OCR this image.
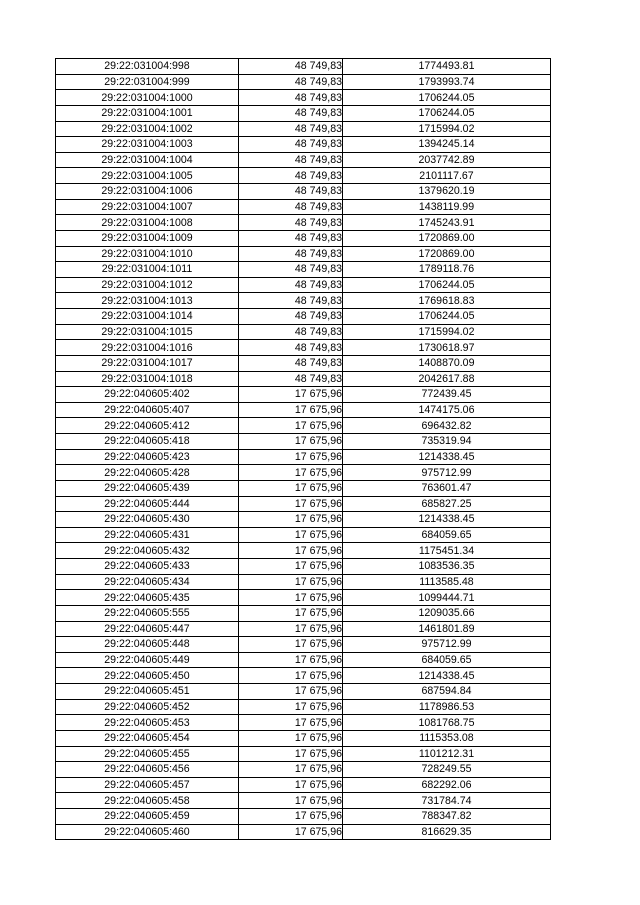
29:22:031004:998	48 749,83	1774493.81
29:22:031004:999	48 749,83	1793993.74
29:22:031004:1000	48 749,83	1706244.05
29:22:031004:1001	48 749,83	1706244.05
29:22:031004:1002	48 749,83	1715994.02
29:22:031004:1003	48 749,83	1394245.14
29:22:031004:1004	48 749,83	2037742.89
29:22:031004:1005	48 749,83	2101117.67
29:22:031004:1006	48 749,83	1379620.19
29:22:031004:1007	48 749,83	1438119.99
29:22:031004:1008	48 749,83	1745243.91
29:22:031004:1009	48 749,83	1720869.00
29:22:031004:1010	48 749,83	1720869.00
29:22:031004:1011	48 749,83	1789118.76
29:22:031004:1012	48 749,83	1706244.05
29:22:031004:1013	48 749,83	1769618.83
29:22:031004:1014	48 749,83	1706244.05
29:22:031004:1015	48 749,83	1715994.02
29:22:031004:1016	48 749,83	1730618.97
29:22:031004:1017	48 749,83	1408870.09
29:22:031004:1018	48 749,83	2042617.88
29:22:040605:402	17 675,96	772439.45
29:22:040605:407	17 675,96	1474175.06
29:22:040605:412	17 675,96	696432.82
29:22:040605:418	17 675,96	735319.94
29:22:040605:423	17 675,96	1214338.45
29:22:040605:428	17 675,96	975712.99
29:22:040605:439	17 675,96	763601.47
29:22:040605:444	17 675,96	685827.25
29:22:040605:430	17 675,96	1214338.45
29:22:040605:431	17 675,96	684059.65
29:22:040605:432	17 675,96	1175451.34
29:22:040605:433	17 675,96	1083536.35
29:22:040605:434	17 675,96	1113585.48
29:22:040605:435	17 675,96	1099444.71
29:22:040605:555	17 675,96	1209035.66
29:22:040605:447	17 675,96	1461801.89
29:22:040605:448	17 675,96	975712.99
29:22:040605:449	17 675,96	684059.65
29:22:040605:450	17 675,96	1214338.45
29:22:040605:451	17 675,96	687594.84
29:22:040605:452	17 675,96	1178986.53
29:22:040605:453	17 675,96	1081768.75
29:22:040605:454	17 675,96	1115353.08
29:22:040605:455	17 675,96	1101212.31
29:22:040605:456	17 675,96	728249.55
29:22:040605:457	17 675,96	682292.06
29:22:040605:458	17 675,96	731784.74
29:22:040605:459	17 675,96	788347.82
29:22:040605:460	17 675,96	816629.35
